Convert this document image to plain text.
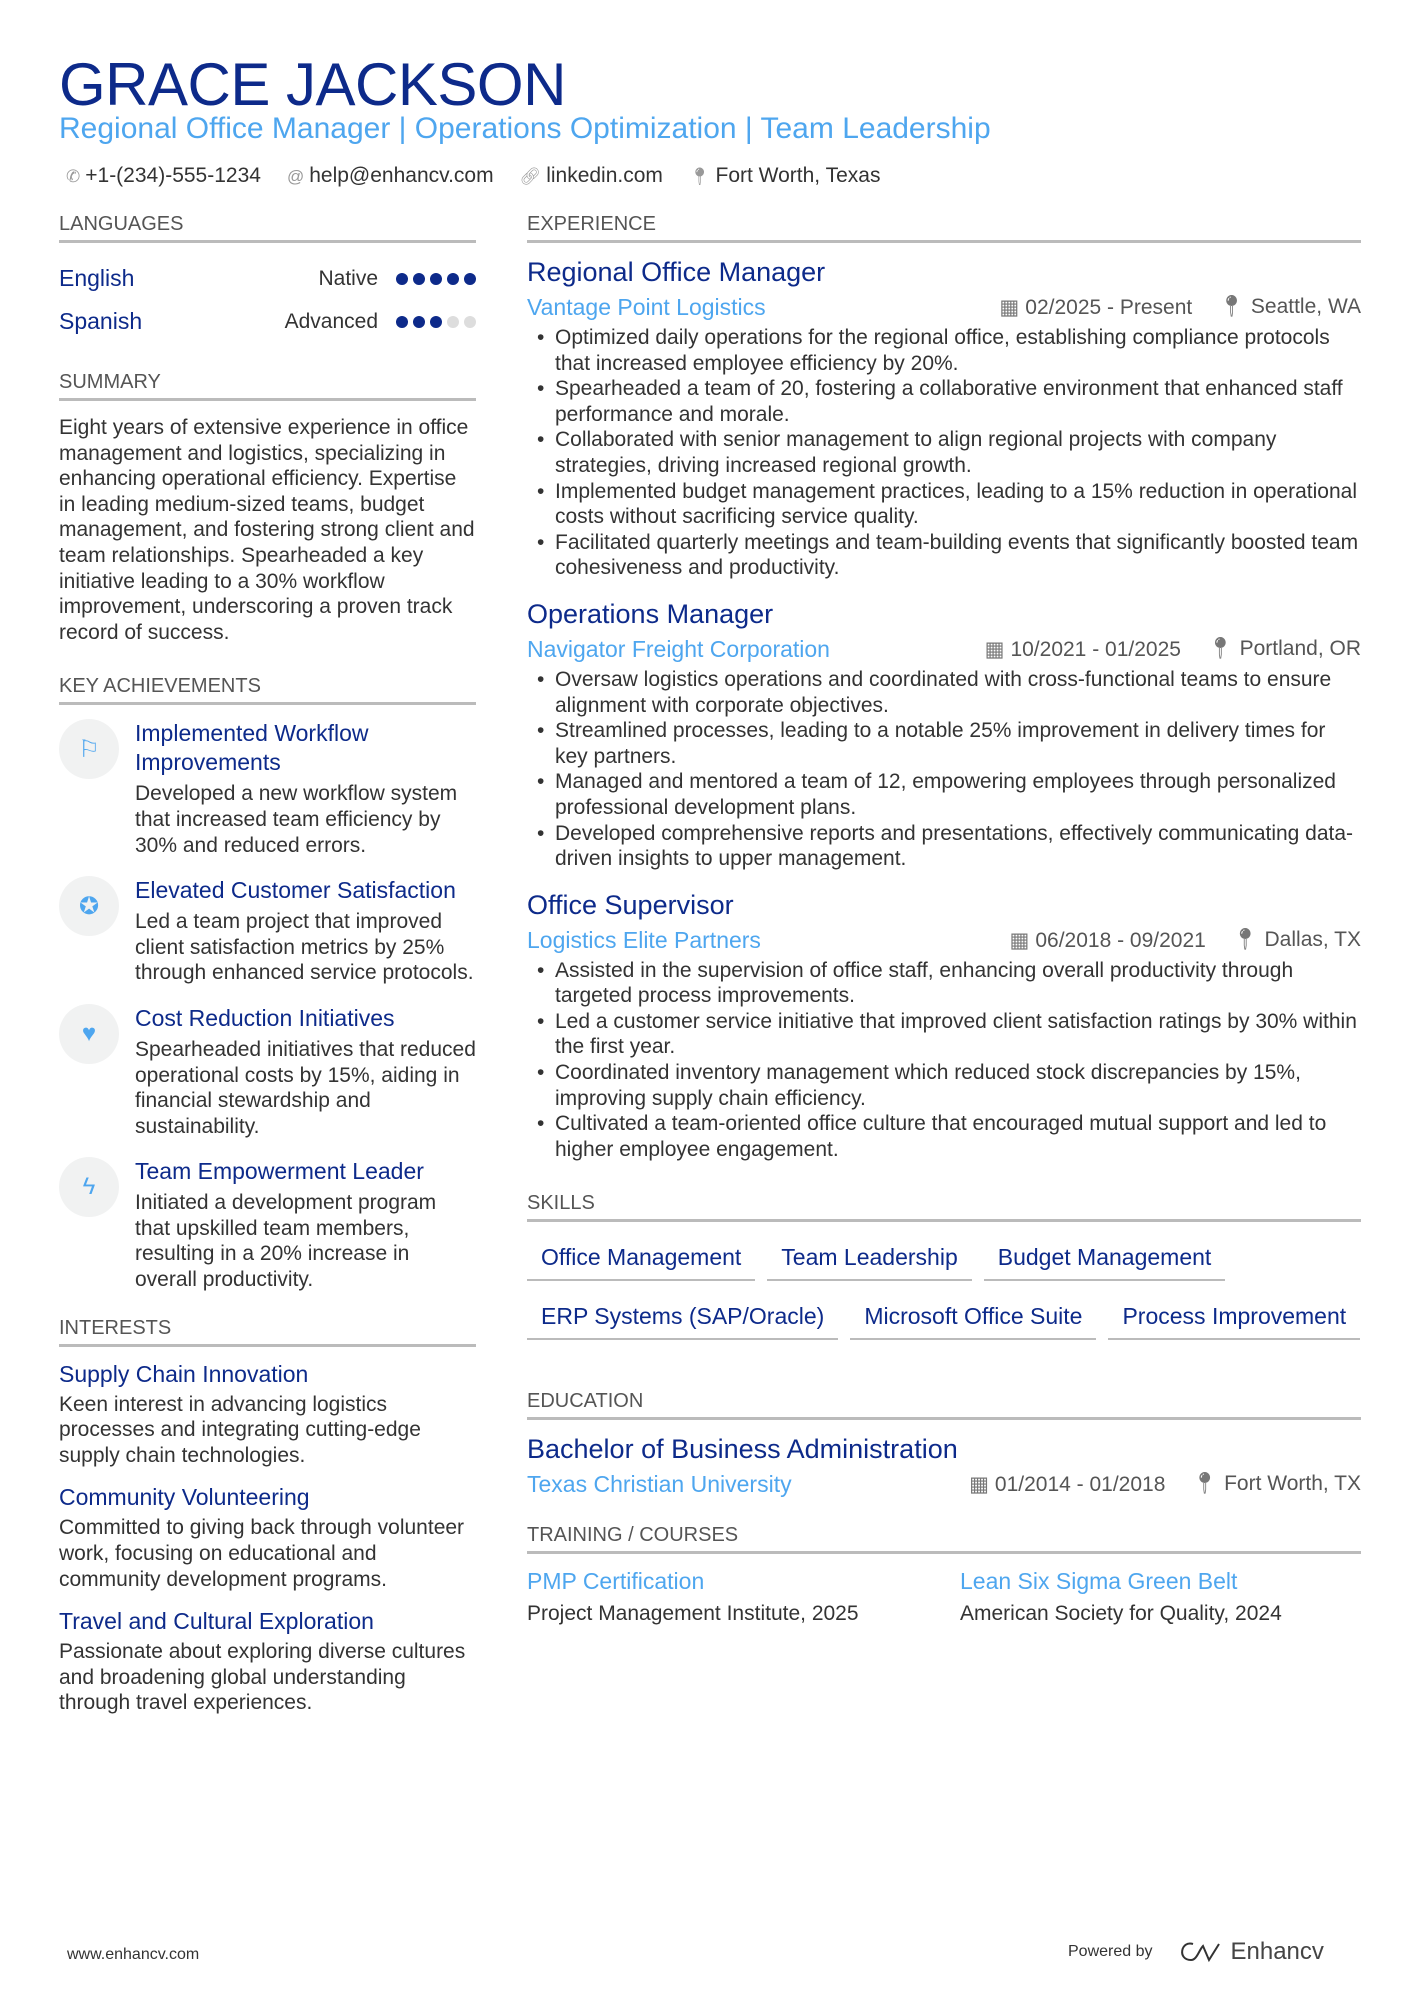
GRACE JACKSON
Regional Office Manager | Operations Optimization | Team Leadership
✆ +1-(234)-555-1234 @ help@enhancv.com 🔗︎ linkedin.com 📍︎ Fort Worth, Texas
LANGUAGES
English	Native
Spanish	Advanced
SUMMARY
Eight years of extensive experience in office management and logistics, specializing in enhancing operational efficiency. Expertise in leading medium-sized teams, budget management, and fostering strong client and team relationships. Spearheaded a key initiative leading to a 30% workflow improvement, underscoring a proven track record of success.
KEY ACHIEVEMENTS
⚐
Implemented Workflow Improvements
Developed a new workflow system that increased team efficiency by 30% and reduced errors.
✪
Elevated Customer Satisfaction
Led a team project that improved client satisfaction metrics by 25% through enhanced service protocols.
♥
Cost Reduction Initiatives
Spearheaded initiatives that reduced operational costs by 15%, aiding in financial stewardship and sustainability.
ϟ
Team Empowerment Leader
Initiated a development program that upskilled team members, resulting in a 20% increase in overall productivity.
INTERESTS
Supply Chain Innovation
Keen interest in advancing logistics processes and integrating cutting-edge supply chain technologies.
Community Volunteering
Committed to giving back through volunteer work, focusing on educational and community development programs.
Travel and Cultural Exploration
Passionate about exploring diverse cultures and broadening global understanding through travel experiences.
EXPERIENCE
Regional Office Manager
Vantage Point Logistics	▦ 02/2025 - Present 📍︎ Seattle, WA
• Optimized daily operations for the regional office, establishing compliance protocols that increased employee efficiency by 20%.
• Spearheaded a team of 20, fostering a collaborative environment that enhanced staff performance and morale.
• Collaborated with senior management to align regional projects with company strategies, driving increased regional growth.
• Implemented budget management practices, leading to a 15% reduction in operational costs without sacrificing service quality.
• Facilitated quarterly meetings and team-building events that significantly boosted team cohesiveness and productivity.
Operations Manager
Navigator Freight Corporation	▦ 10/2021 - 01/2025 📍︎ Portland, OR
• Oversaw logistics operations and coordinated with cross-functional teams to ensure alignment with corporate objectives.
• Streamlined processes, leading to a notable 25% improvement in delivery times for key partners.
• Managed and mentored a team of 12, empowering employees through personalized professional development plans.
• Developed comprehensive reports and presentations, effectively communicating data-driven insights to upper management.
Office Supervisor
Logistics Elite Partners	▦ 06/2018 - 09/2021 📍︎ Dallas, TX
• Assisted in the supervision of office staff, enhancing overall productivity through targeted process improvements.
• Led a customer service initiative that improved client satisfaction ratings by 30% within the first year.
• Coordinated inventory management which reduced stock discrepancies by 15%, improving supply chain efficiency.
• Cultivated a team-oriented office culture that encouraged mutual support and led to higher employee engagement.
SKILLS
Office Management	Team Leadership	Budget Management
ERP Systems (SAP/Oracle)	Microsoft Office Suite	Process Improvement
EDUCATION
Bachelor of Business Administration
Texas Christian University	▦ 01/2014 - 01/2018 📍︎ Fort Worth, TX
TRAINING / COURSES
PMP Certification
Project Management Institute, 2025
Lean Six Sigma Green Belt
American Society for Quality, 2024
www.enhancv.com	Powered by	Enhancv
